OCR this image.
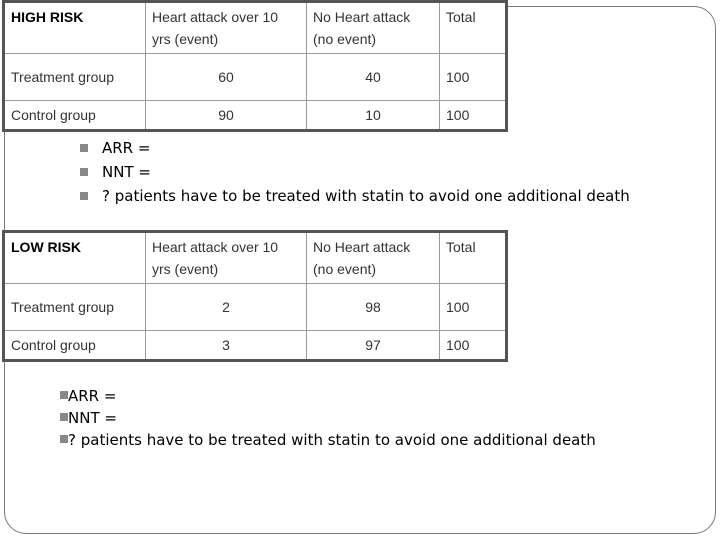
HIGH RISK	Heart attack over 10 yrs (event)	No Heart attack (no event)	Total
Treatment group	60	40	100
Control group	90	10	100
ARR =
NNT =
? patients have to be treated with statin to avoid one additional death
LOW RISK	Heart attack over 10 yrs (event)	No Heart attack (no event)	Total
Treatment group	2	98	100
Control group	3	97	100
ARR =
NNT =
? patients have to be treated with statin to avoid one additional death
